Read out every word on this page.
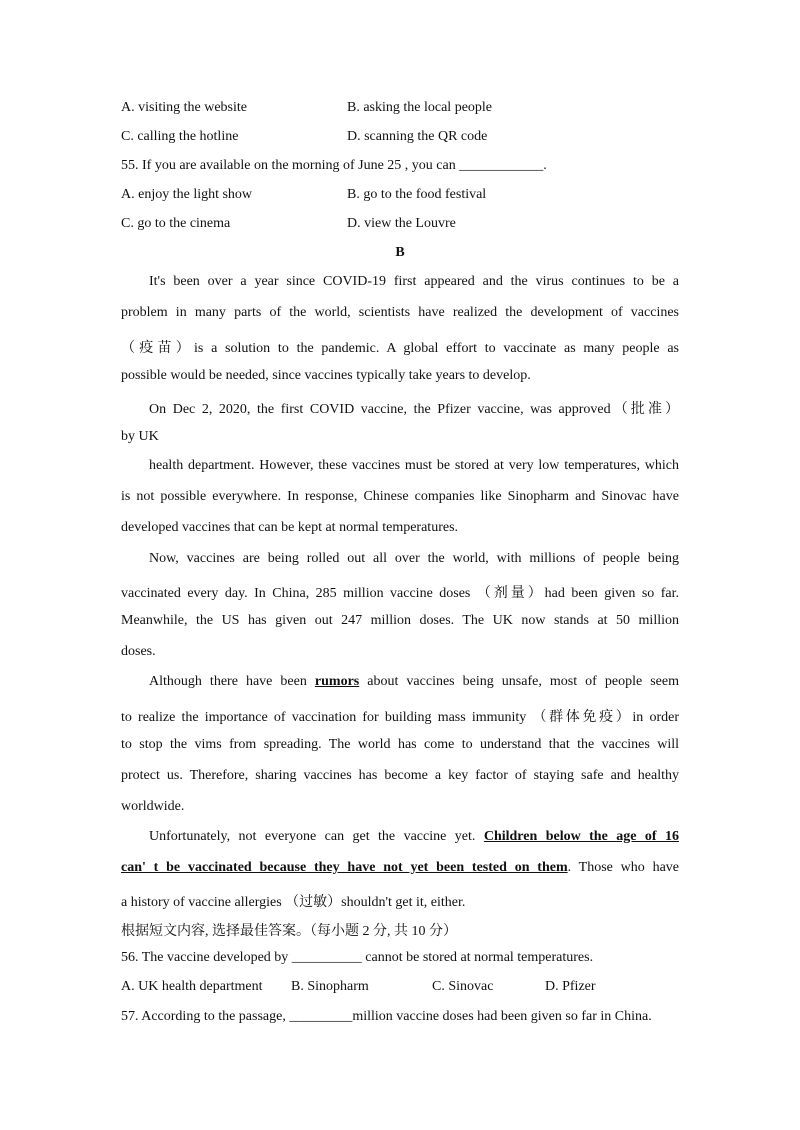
A. visiting the website	B. asking the local people
C. calling the hotline	D. scanning the QR code
55. If you are available on the morning of June 25 , you can ____________.
A. enjoy the light show	B. go to the food festival
C. go to the cinema	D. view the Louvre
B
It's been over a year since COVID-19 first appeared and the virus continues to be a
problem in many parts of the world, scientists have realized the development of vaccines
（疫苗）is a solution to the pandemic. A global effort to vaccinate as many people as
possible would be needed, since vaccines typically take years to develop.
On Dec 2, 2020, the first COVID vaccine, the Pfizer vaccine, was approved（批准）
by UK
health department. However, these vaccines must be stored at very low temperatures, which
is not possible everywhere. In response, Chinese companies like Sinopharm and Sinovac have
developed vaccines that can be kept at normal temperatures.
Now, vaccines are being rolled out all over the world, with millions of people being
vaccinated every day. In China, 285 million vaccine doses （剂量）had been given so far.
Meanwhile, the US has given out 247 million doses. The UK now stands at 50 million
doses.
Although there have been rumors about vaccines being unsafe, most of people seem
to realize the importance of vaccination for building mass immunity （群体免疫）in order
to stop the vims from spreading. The world has come to understand that the vaccines will
protect us. Therefore, sharing vaccines has become a key factor of staying safe and healthy
worldwide.
Unfortunately, not everyone can get the vaccine yet. Children below the age of 16
can' t be vaccinated because they have not yet been tested on them. Those who have
a history of vaccine allergies （过敏）shouldn't get it, either.
根据短文内容, 选择最佳答案。（每小题 2 分, 共 10 分）
56. The vaccine developed by __________ cannot be stored at normal temperatures.
A. UK health department B. Sinopharm	C. Sinovac	D. Pfizer
57. According to the passage, _________million vaccine doses had been given so far in China.
